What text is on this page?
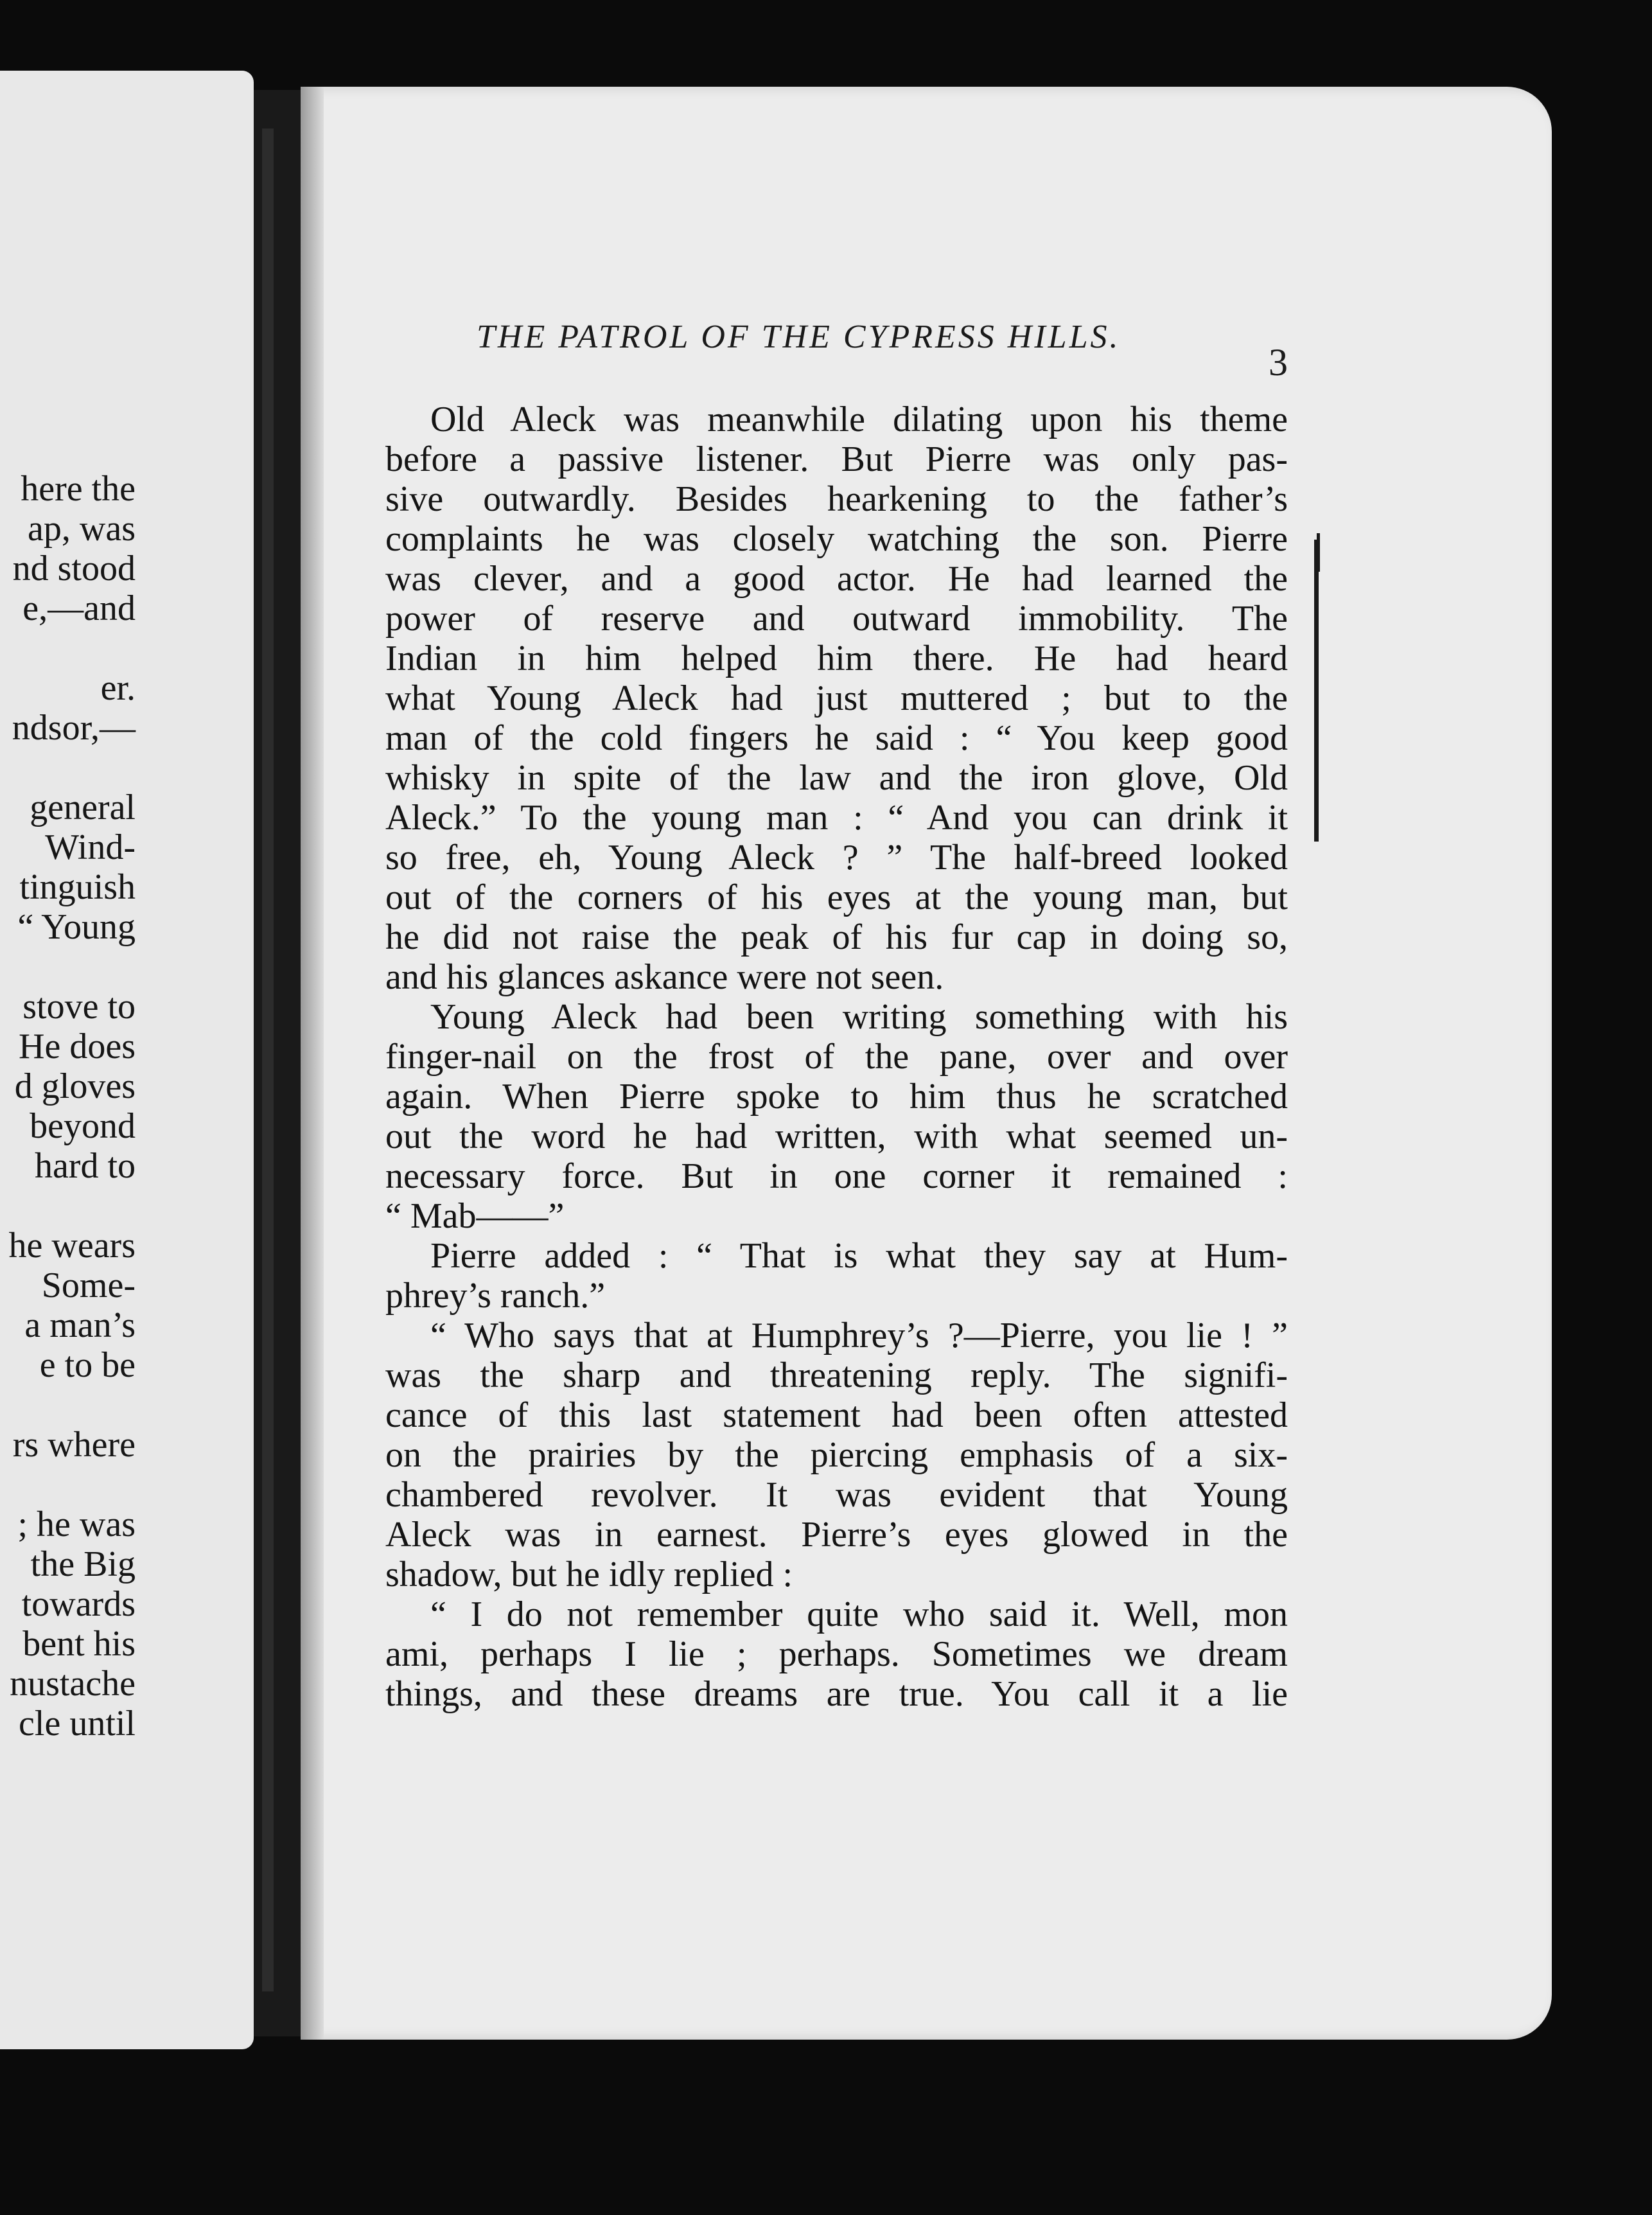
here the
ap, was
nd stood
e,—and
er.
ndsor,—
general
Wind-
tinguish
“ Young
stove to
He does
d gloves
beyond
hard to
he wears
Some-
a man’s
e to be
rs where
; he was
the Big
towards
bent his
nustache
cle until
THE PATROL OF THE CYPRESS HILLS.
3
Old Aleck was meanwhile dilating upon his theme
before a passive listener. But Pierre was only pas-
sive outwardly. Besides hearkening to the father’s
complaints he was closely watching the son. Pierre
was clever, and a good actor. He had learned the
power of reserve and outward immobility. The
Indian in him helped him there. He had heard
what Young Aleck had just muttered ; but to the
man of the cold fingers he said : “ You keep good
whisky in spite of the law and the iron glove, Old
Aleck.” To the young man : “ And you can drink it
so free, eh, Young Aleck ? ” The half-breed looked
out of the corners of his eyes at the young man, but
he did not raise the peak of his fur cap in doing so,
and his glances askance were not seen.
Young Aleck had been writing something with his
finger-nail on the frost of the pane, over and over
again. When Pierre spoke to him thus he scratched
out the word he had written, with what seemed un-
necessary force. But in one corner it remained :
“ Mab——”
Pierre added : “ That is what they say at Hum-
phrey’s ranch.”
“ Who says that at Humphrey’s ?—Pierre, you lie ! ”
was the sharp and threatening reply. The signifi-
cance of this last statement had been often attested
on the prairies by the piercing emphasis of a six-
chambered revolver. It was evident that Young
Aleck was in earnest. Pierre’s eyes glowed in the
shadow, but he idly replied :
“ I do not remember quite who said it. Well, mon
ami, perhaps I lie ; perhaps. Sometimes we dream
things, and these dreams are true. You call it a lie
